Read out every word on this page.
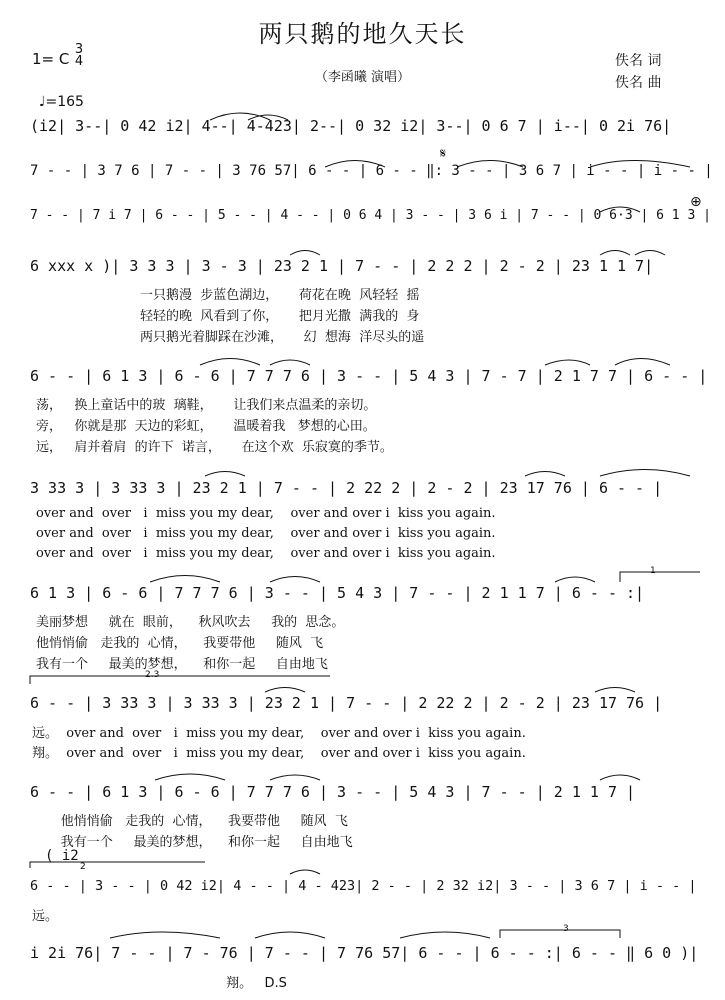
两只鹅的地久天长
1= C
3
4

♩=165

（李函曦 演唱）
佚名 词
佚名 曲
1
2.3
2
3
𝄋
⊕
( i2
(i2| 3--| 0 42 i2| 4--| 4-423| 2--| 0 32 i2| 3--| 0 6 7 | i--| 0 2i 76|
7 - - | 3 7 6 | 7 - - | 3 76 57| 6 - - | 6 - - ‖: 3 - - | 3 6 7 | i - - | i - - |
7 - - | 7 i 7 | 6 - - | 5 - - | 4 - - | 0 6 4 | 3 - - | 3 6 i | 7 - - | 0 6·3 | 6 1 3 |
6 xxx x )| 3 3 3 | 3 - 3 | 23 2 1 | 7 - - | 2 2 2 | 2 - 2 | 23 1 1 7|
一只鹅漫  步蓝色湖边，     荷花在晚  风轻轻  摇
轻轻的晚  风看到了你，     把月光撒  满我的  身
两只鹅光着脚踩在沙滩，     幻  想海  洋尽头的遥
6 - - | 6 1 3 | 6 - 6 | 7 7 7 6 | 3 - - | 5 4 3 | 7 - 7 | 2 1 7 7 | 6 - - |
荡，   换上童话中的玻  璃鞋，     让我们来点温柔的亲切。
旁，   你就是那  天边的彩虹，     温暖着我   梦想的心田。
远，   肩并着肩  的许下  诺言，     在这个欢  乐寂寞的季节。
3 33 3 | 3 33 3 | 23 2 1 | 7 - - | 2 22 2 | 2 - 2 | 23 17 76 | 6 - - |
over and  over   i  miss you my dear,    over and over i  kiss you again.
over and  over   i  miss you my dear,    over and over i  kiss you again.
over and  over   i  miss you my dear,    over and over i  kiss you again.
6 1 3 | 6 - 6 | 7 7 7 6 | 3 - - | 5 4 3 | 7 - - | 2 1 1 7 | 6 - - :|
美丽梦想     就在  眼前，    秋风吹去     我的  思念。
他悄悄偷   走我的  心情，    我要带他     随风  飞
我有一个     最美的梦想，    和你一起     自由地飞
6 - - | 3 33 3 | 3 33 3 | 23 2 1 | 7 - - | 2 22 2 | 2 - 2 | 23 17 76 |
远。  over and  over   i  miss you my dear,    over and over i  kiss you again.
翔。  over and  over   i  miss you my dear,    over and over i  kiss you again.
6 - - | 6 1 3 | 6 - 6 | 7 7 7 6 | 3 - - | 5 4 3 | 7 - - | 2 1 1 7 |
他悄悄偷   走我的  心情，    我要带他     随风  飞
我有一个     最美的梦想，    和你一起     自由地飞
6 - - | 3 - - | 0 42 i2| 4 - - | 4 - 423| 2 - - | 2 32 i2| 3 - - | 3 6 7 | i - - |
远。
i 2i 76| 7 - - | 7 - 76 | 7 - - | 7 76 57| 6 - - | 6 - - :| 6 - - ‖ 6 0 )|
翔。   D.S
